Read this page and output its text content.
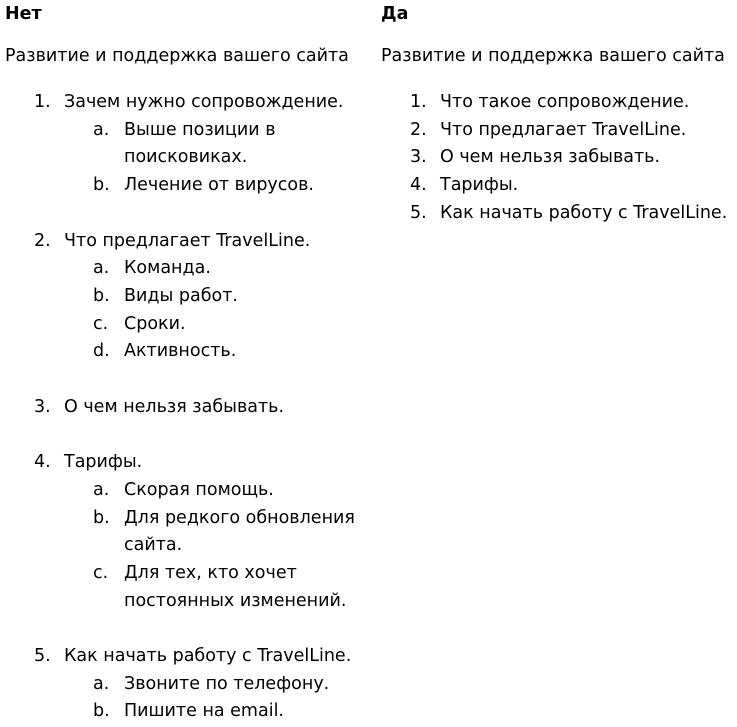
Нет
Развитие и поддержка вашего сайта
1. Зачем нужно сопровождение.
a. Выше позиции в поисковиках.
b. Лечение от вирусов.
2. Что предлагает TravelLine.
a. Команда.
b. Виды работ.
c. Сроки.
d. Активность.
3. О чем нельзя забывать.
4. Тарифы.
a. Скорая помощь.
b. Для редкого обновления сайта.
c. Для тех, кто хочет постоянных изменений.
5. Как начать работу с TravelLine.
a. Звоните по телефону.
b. Пишите на email.
Да
Развитие и поддержка вашего сайта
1. Что такое сопровождение.
2. Что предлагает TravelLine.
3. О чем нельзя забывать.
4. Тарифы.
5. Как начать работу с TravelLine.
